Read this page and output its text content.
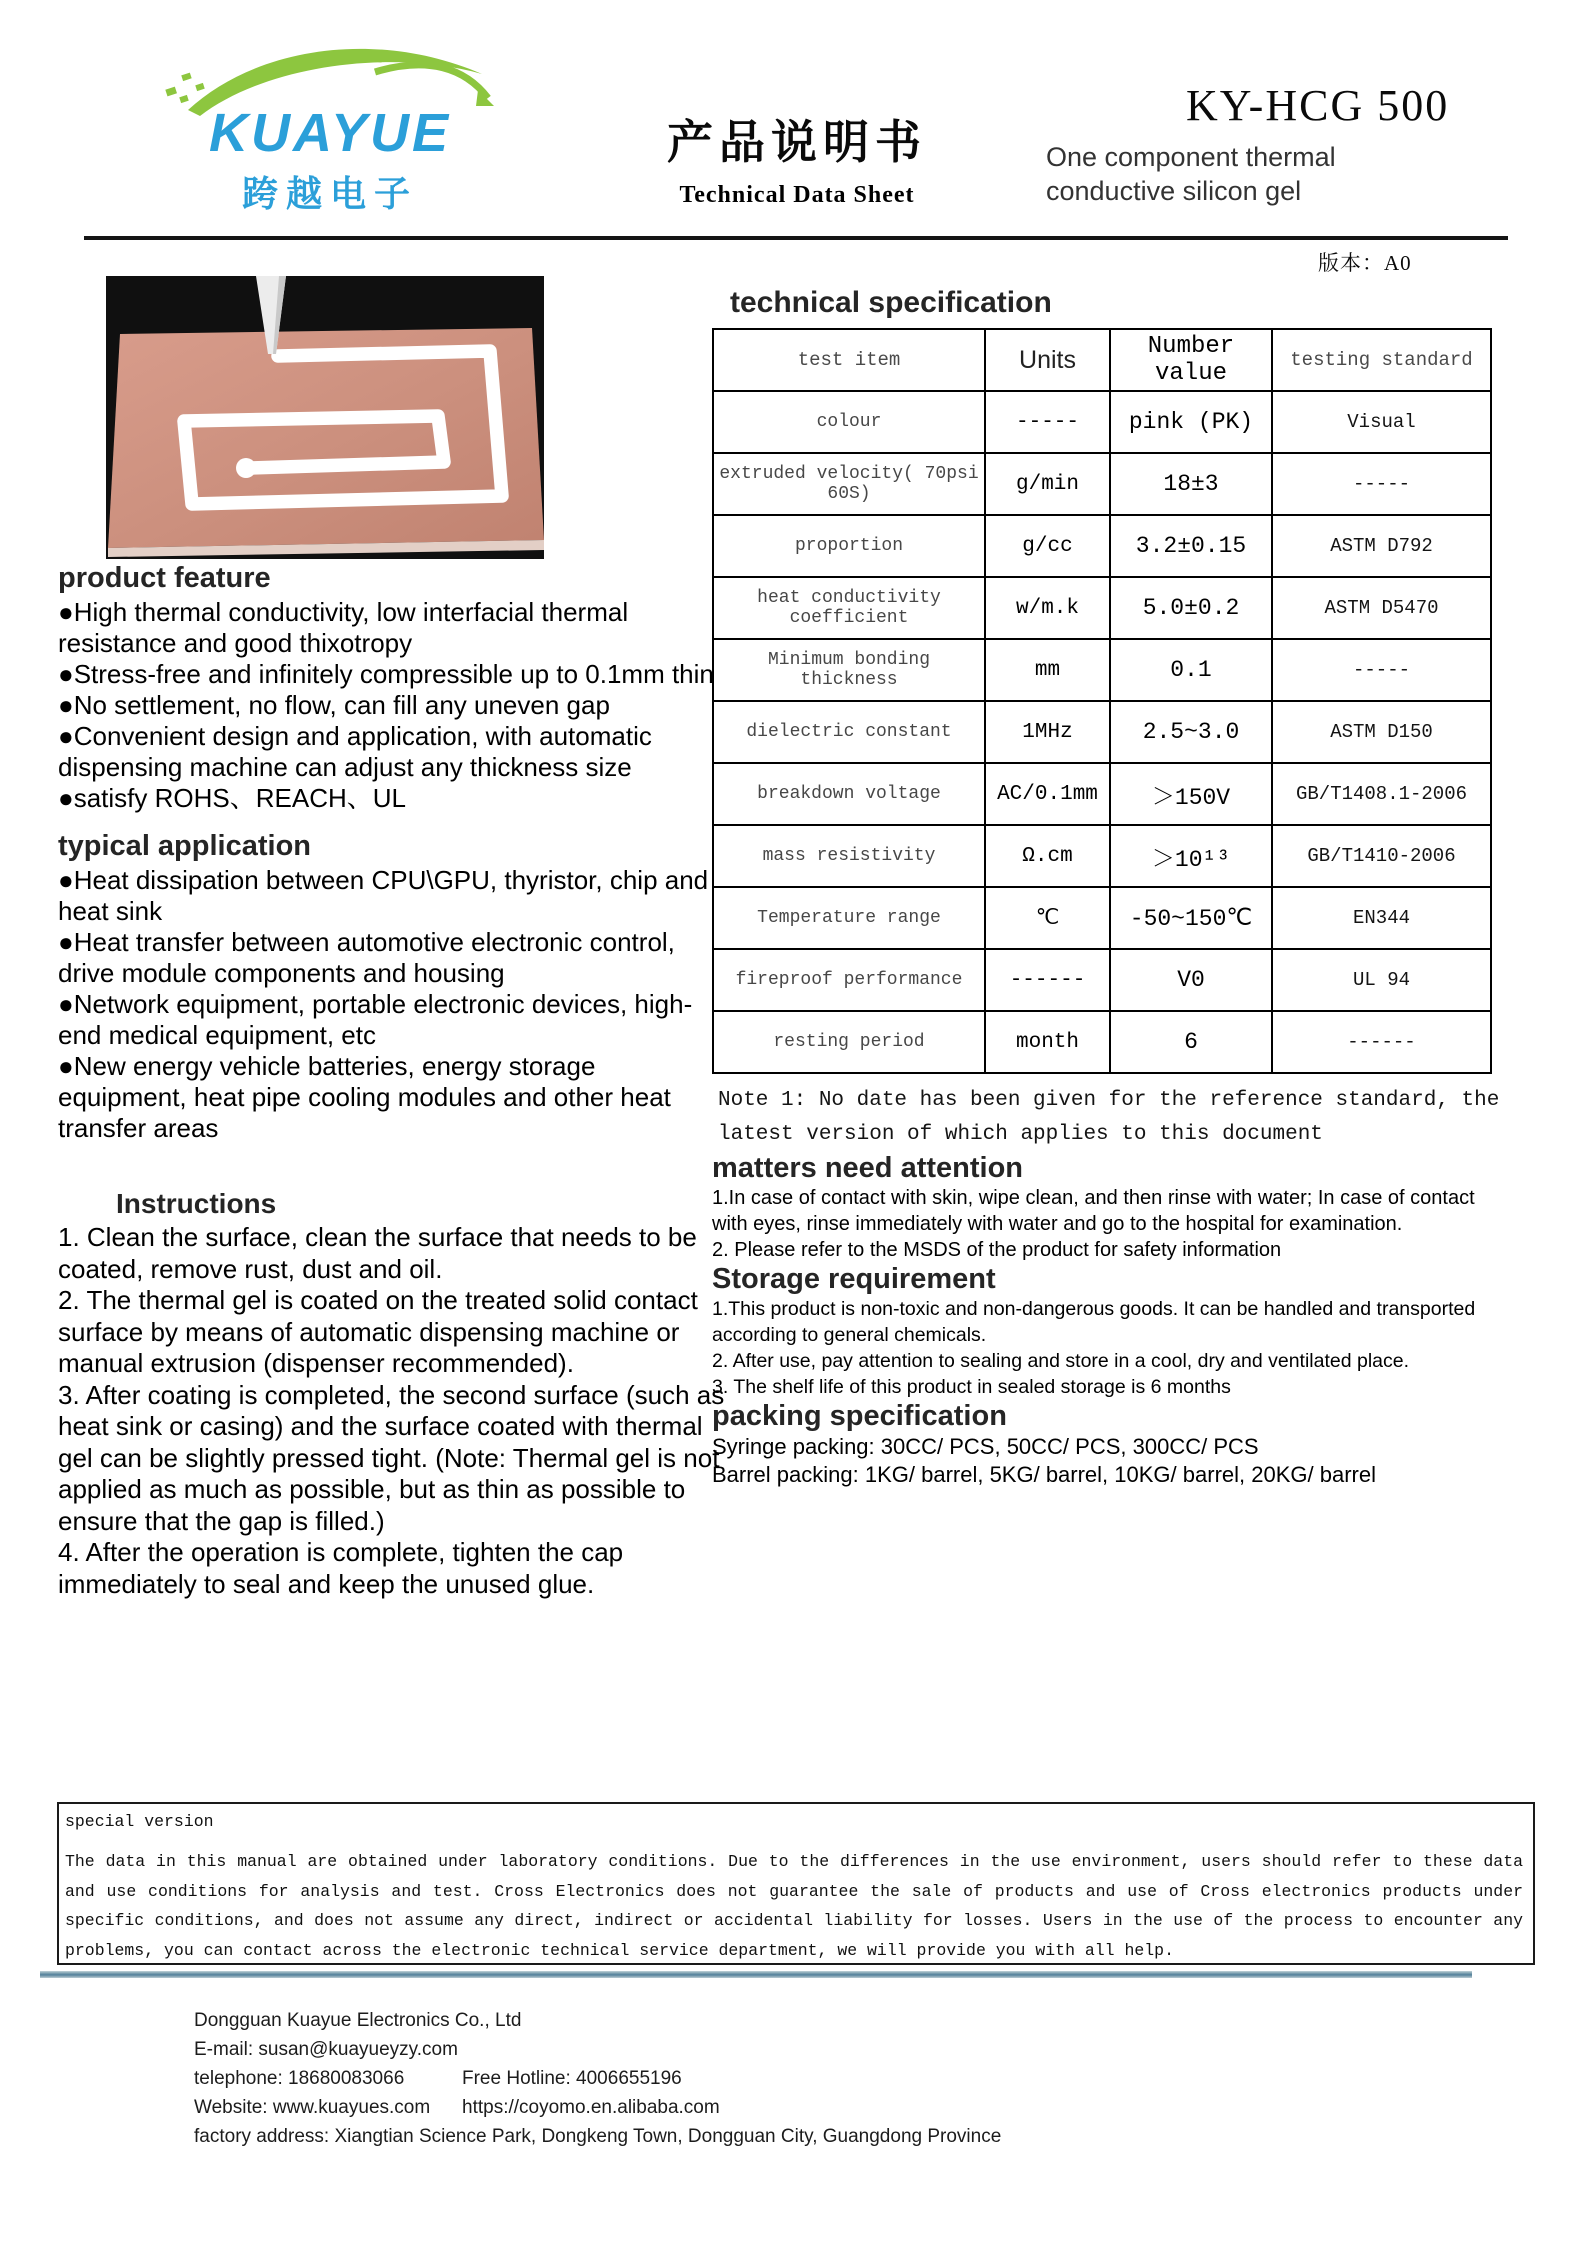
KUAYUE
跨越电子
产品说明书
Technical Data Sheet
KY-HCG 500
One component thermal conductive silicon gel
版本：A0
product feature

●High thermal conductivity, low interfacial thermal resistance and good thixotropy

●Stress-free and infinitely compressible up to 0.1mm thin

●No settlement, no flow, can fill any uneven gap

●Convenient design and application, with automatic dispensing machine can adjust any thickness size

●satisfy ROHS、REACH、UL

typical application

●Heat dissipation between CPU\GPU, thyristor, chip and heat sink

●Heat transfer between automotive electronic control, drive module components and housing

●Network equipment, portable electronic devices, high-end medical equipment, etc

●New energy vehicle batteries, energy storage equipment, heat pipe cooling modules and other heat transfer areas

Instructions

1. Clean the surface, clean the surface that needs to be coated, remove rust, dust and oil.

2. The thermal gel is coated on the treated solid contact surface by means of automatic dispensing machine or manual extrusion (dispenser recommended).

3. After coating is completed, the second surface (such as heat sink or casing) and the surface coated with thermal gel can be slightly pressed tight. (Note: Thermal gel is not applied as much as possible, but as thin as possible to ensure that the gap is filled.)

4. After the operation is complete, tighten the cap immediately to seal and keep the unused glue.

technical specification
test item	Units	Number value	testing standard
colour	-----	pink (PK)	Visual
extruded velocity( 70psi 60S)	g/min	18±3	-----
proportion	g/cc	3.2±0.15	ASTM D792
heat conductivity coefficient	w/m.k	5.0±0.2	ASTM D5470
Minimum bonding thickness	mm	0.1	-----
dielectric constant	1MHz	2.5~3.0	ASTM D150
breakdown voltage	AC/0.1mm	＞150V	GB/T1408.1-2006
mass resistivity	Ω.cm	＞10¹³	GB/T1410-2006
Temperature range	℃	-50~150℃	EN344
fireproof performance	------	V0	UL 94
resting period	month	6	------
Note 1: No date has been given for the reference standard, the latest version of which applies to this document
matters need attention

1.In case of contact with skin, wipe clean, and then rinse with water; In case of contact with eyes, rinse immediately with water and go to the hospital for examination.

2. Please refer to the MSDS of the product for safety information

Storage requirement

1.This product is non-toxic and non-dangerous goods. It can be handled and transported according to general chemicals.

2. After use, pay attention to sealing and store in a cool, dry and ventilated place.

3. The shelf life of this product in sealed storage is 6 months

packing specification

Syringe packing: 30CC/ PCS, 50CC/ PCS, 300CC/ PCS

Barrel packing: 1KG/ barrel, 5KG/ barrel, 10KG/ barrel, 20KG/ barrel

special version
The data in this manual are obtained under laboratory conditions. Due to the differences in the use environment, users should refer to these data and use conditions for analysis and test. Cross Electronics does not guarantee the sale of products and use of Cross electronics products under specific conditions, and does not assume any direct, indirect or accidental liability for losses. Users in the use of the process to encounter any problems, you can contact across the electronic technical service department, we will provide you with all help.
Dongguan Kuayue Electronics Co., Ltd
E-mail: susan@kuayueyzy.com
telephone: 18680083066	Free Hotline: 4006655196
Website: www.kuayues.com	https://coyomo.en.alibaba.com
factory address: Xiangtian Science Park, Dongkeng Town, Dongguan City, Guangdong Province
